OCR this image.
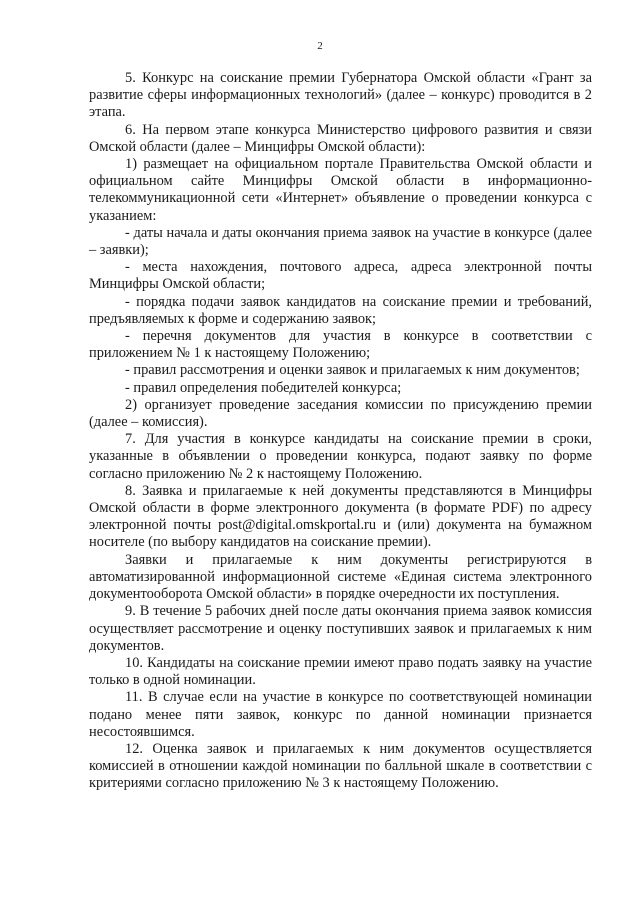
2

5. Конкурс на соискание премии Губернатора Омской области «Грант за развитие сферы информационных технологий» (далее – конкурс) проводится в 2 этапа.

6. На первом этапе конкурса Министерство цифрового развития и связи Омской области (далее – Минцифры Омской области):

1) размещает на официальном портале Правительства Омской области и официальном сайте Минцифры Омской области в информационно-телекоммуникационной сети «Интернет» объявление о проведении конкурса с указанием:

- даты начала и даты окончания приема заявок на участие в конкурсе (далее – заявки);

- места нахождения, почтового адреса, адреса электронной почты Минцифры Омской области;

- порядка подачи заявок кандидатов на соискание премии и требований, предъявляемых к форме и содержанию заявок;

- перечня документов для участия в конкурсе в соответствии с приложением № 1 к настоящему Положению;

- правил рассмотрения и оценки заявок и прилагаемых к ним документов;

- правил определения победителей конкурса;

2) организует проведение заседания комиссии по присуждению премии (далее – комиссия).

7. Для участия в конкурсе кандидаты на соискание премии в сроки, указанные в объявлении о проведении конкурса, подают заявку по форме согласно приложению № 2 к настоящему Положению.

8. Заявка и прилагаемые к ней документы представляются в Минцифры Омской области в форме электронного документа (в формате PDF) по адресу электронной почты post@digital.omskportal.ru и (или) документа на бумажном носителе (по выбору кандидатов на соискание премии).

Заявки и прилагаемые к ним документы регистрируются в автоматизированной информационной системе «Единая система электронного документооборота Омской области» в порядке очередности их поступления.

9. В течение 5 рабочих дней после даты окончания приема заявок комиссия осуществляет рассмотрение и оценку поступивших заявок и прилагаемых к ним документов.

10. Кандидаты на соискание премии имеют право подать заявку на участие только в одной номинации.

11. В случае если на участие в конкурсе по соответствующей номинации подано менее пяти заявок, конкурс по данной номинации признается несостоявшимся.

12. Оценка заявок и прилагаемых к ним документов осуществляется комиссией в отношении каждой номинации по балльной шкале в соответствии с критериями согласно приложению № 3 к настоящему Положению.
